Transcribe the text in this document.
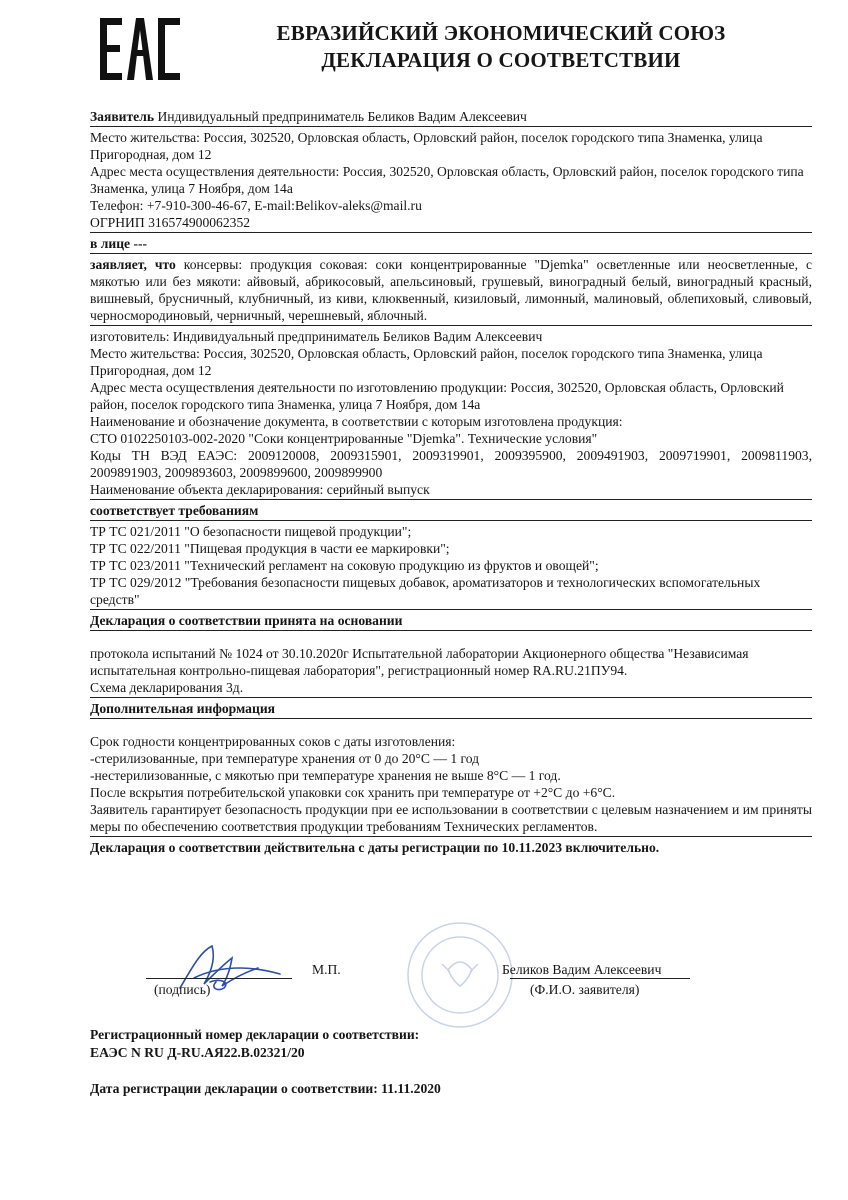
ЕВРАЗИЙСКИЙ ЭКОНОМИЧЕСКИЙ СОЮЗ
ДЕКЛАРАЦИЯ О СООТВЕТСТВИИ
Заявитель Индивидуальный предприниматель Беликов Вадим Алексеевич

Место жительства: Россия, 302520, Орловская область, Орловский район, поселок городского типа Знаменка, улица Пригородная, дом 12

Адрес места осуществления деятельности: Россия, 302520, Орловская область, Орловский район, поселок городского типа Знаменка, улица 7 Ноября, дом 14а

Телефон: +7-910-300-46-67, E-mail:Belikov-aleks@mail.ru

ОГРНИП 316574900062352

в лице ---

заявляет, что консервы: продукция соковая: соки концентрированные "Djemka" осветленные или неосветленные, с мякотью или без мякоти: айвовый, абрикосовый, апельсиновый, грушевый, виноградный белый, виноградный красный, вишневый, брусничный, клубничный, из киви, клюквенный, кизиловый, лимонный, малиновый, облепиховый, сливовый, черносмородиновый, черничный, черешневый, яблочный.

изготовитель: Индивидуальный предприниматель Беликов Вадим Алексеевич

Место жительства: Россия, 302520, Орловская область, Орловский район, поселок городского типа Знаменка, улица Пригородная, дом 12

Адрес места осуществления деятельности по изготовлению продукции: Россия, 302520, Орловская область, Орловский район, поселок городского типа Знаменка, улица 7 Ноября, дом 14а

Наименование и обозначение документа, в соответствии с которым изготовлена продукция:

СТО 0102250103-002-2020 "Соки концентрированные "Djemka". Технические условия"

Коды ТН ВЭД ЕАЭС: 2009120008, 2009315901, 2009319901, 2009395900, 2009491903, 2009719901, 2009811903, 2009891903, 2009893603, 2009899600, 2009899900

Наименование объекта декларирования: серийный выпуск

соответствует требованиям

ТР ТС 021/2011 "О безопасности пищевой продукции";

ТР ТС 022/2011 "Пищевая продукция в части ее маркировки";

ТР ТС 023/2011 "Технический регламент на соковую продукцию из фруктов и овощей";

ТР ТС 029/2012 "Требования безопасности пищевых добавок, ароматизаторов и технологических вспомогательных средств"

Декларация о соответствии принята на основании

протокола испытаний № 1024 от 30.10.2020г Испытательной лаборатории Акционерного общества "Независимая испытательная контрольно-пищевая лаборатория", регистрационный номер RA.RU.21ПУ94.

Схема декларирования 3д.

Дополнительная информация

Срок годности концентрированных соков с даты изготовления:

-стерилизованные, при температуре хранения от 0 до 20°C — 1 год

-нестерилизованные, с мякотью при температуре хранения не выше 8°C — 1 год.

После вскрытия потребительской упаковки сок хранить при температуре от +2°C до +6°C.

Заявитель гарантирует безопасность продукции при ее использовании в соответствии с целевым назначением и им приняты меры по обеспечению соответствия продукции требованиям Технических регламентов.

Декларация о соответствии действительна с даты регистрации по 10.11.2023 включительно.
(подпись)
М.П.	Беликов Вадим Алексеевич
(Ф.И.О. заявителя)
Регистрационный номер декларации о соответствии:
ЕАЭС N RU Д-RU.АЯ22.В.02321/20
Дата регистрации декларации о соответствии: 11.11.2020
